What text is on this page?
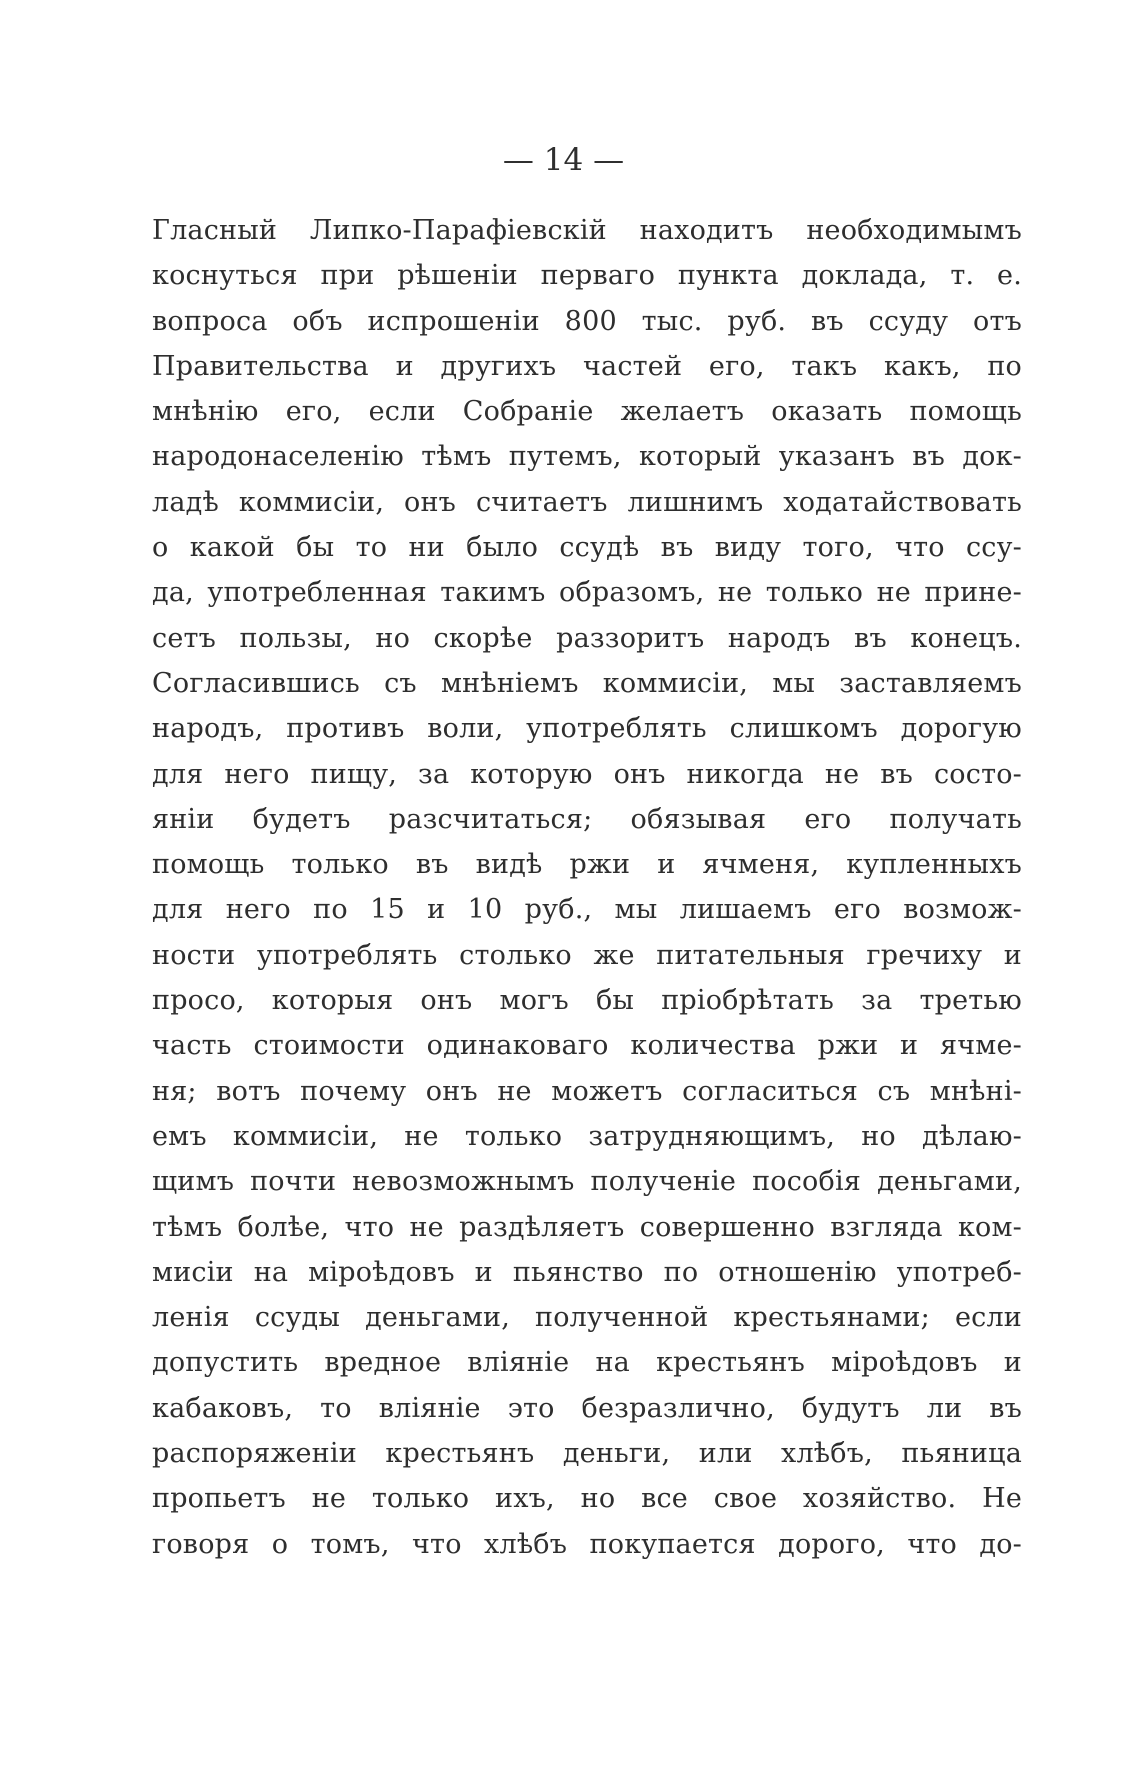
— 14 —
Гласный Липко-Парафіевскій находитъ необходимымъ
коснуться при рѣшеніи перваго пункта доклада, т. е.
вопроса объ испрошеніи 800 тыс. руб. въ ссуду отъ
Правительства и другихъ частей его, такъ какъ, по
мнѣнію его, если Собраніе желаетъ оказать помощь
народонаселенію тѣмъ путемъ, который указанъ въ док-
ладѣ коммисіи, онъ считаетъ лишнимъ ходатайствовать
о какой бы то ни было ссудѣ въ виду того, что ссу-
да, употребленная такимъ образомъ, не только не прине-
сетъ пользы, но скорѣе раззоритъ народъ въ конецъ.
Согласившись съ мнѣніемъ коммисіи, мы заставляемъ
народъ, противъ воли, употреблять слишкомъ дорогую
для него пищу, за которую онъ никогда не въ состо-
яніи будетъ разсчитаться; обязывая его получать
помощь только въ видѣ ржи и ячменя, купленныхъ
для него по 15 и 10 руб., мы лишаемъ его возмож-
ности употреблять столько же питательныя гречиху и
просо, которыя онъ могъ бы пріобрѣтать за третью
часть стоимости одинаковаго количества ржи и ячме-
ня; вотъ почему онъ не можетъ согласиться съ мнѣні-
емъ коммисіи, не только затрудняющимъ, но дѣлаю-
щимъ почти невозможнымъ полученіе пособія деньгами,
тѣмъ болѣе, что не раздѣляетъ совершенно взгляда ком-
мисіи на міроѣдовъ и пьянство по отношенію употреб-
ленія ссуды деньгами, полученной крестьянами; если
допустить вредное вліяніе на крестьянъ міроѣдовъ и
кабаковъ, то вліяніе это безразлично, будутъ ли въ
распоряженіи крестьянъ деньги, или хлѣбъ, пьяница
пропьетъ не только ихъ, но все свое хозяйство. Не
говоря о томъ, что хлѣбъ покупается дорого, что до-
